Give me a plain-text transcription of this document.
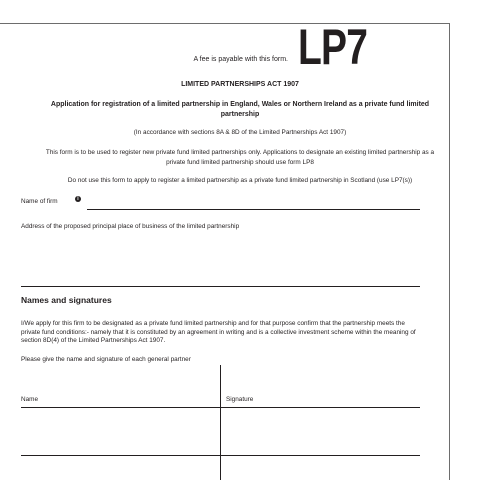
A fee is payable with this form. LP7
LIMITED PARTNERSHIPS ACT 1907
Application for registration of a limited partnership in England, Wales or Northern Ireland as a private fund limited partnership
(In accordance with sections 8A & 8D of the Limited Partnerships Act 1907)
This form is to be used to register new private fund limited partnerships only. Applications to designate an existing limited partnership as a private fund limited partnership should use form LP8
Do not use this form to apply to register a limited partnership as a private fund limited partnership in Scotland (use LP7(s))
Name of firm	i
Address of the proposed principal place of business of the limited partnership
Names and signatures
I/We apply for this firm to be designated as a private fund limited partnership and for that purpose confirm that the partnership meets the private fund conditions:- namely that it is constituted by an agreement in writing and is a collective investment scheme within the meaning of section 8D(4) of the Limited Partnerships Act 1907.
Please give the name and signature of each general partner
Name	Signature
